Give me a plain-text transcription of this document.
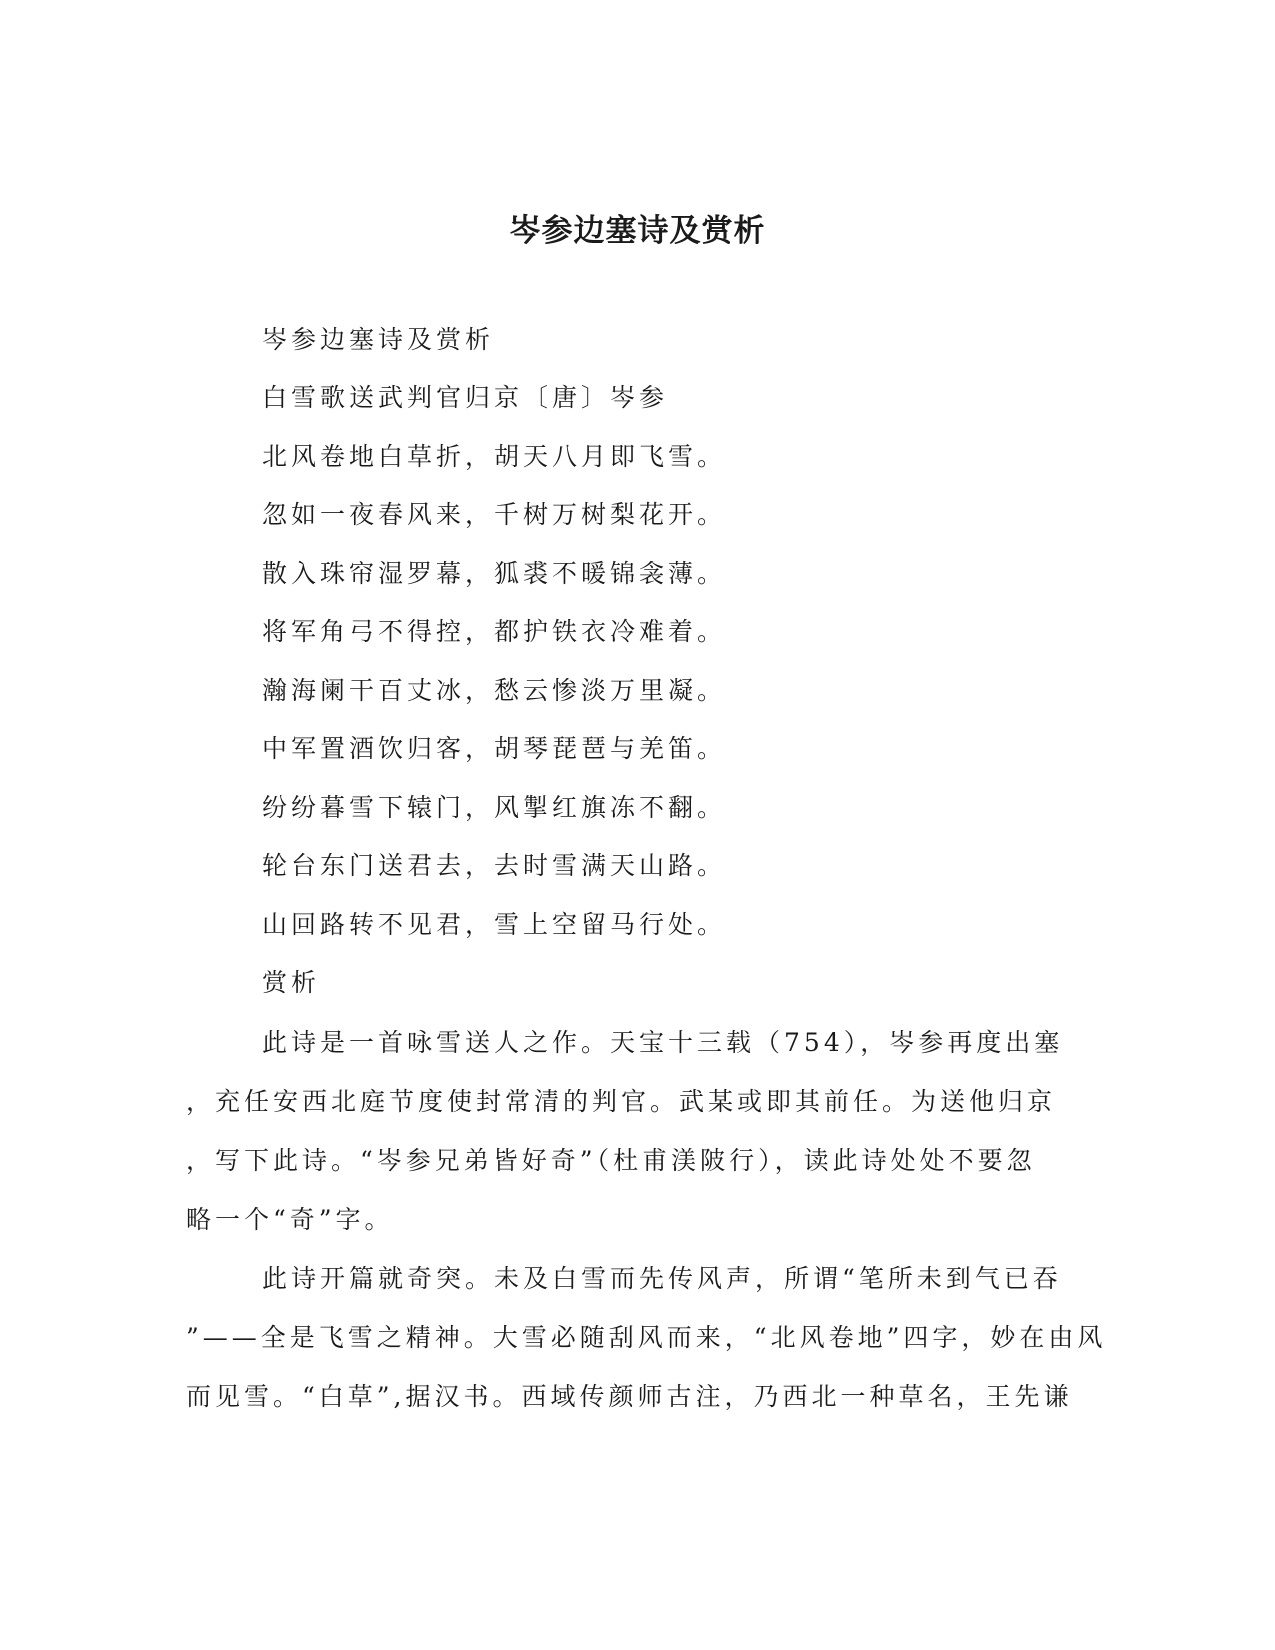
岑参边塞诗及赏析

岑参边塞诗及赏析

白雪歌送武判官归京〔唐〕岑参

北风卷地白草折，胡天八月即飞雪。

忽如一夜春风来，千树万树梨花开。

散入珠帘湿罗幕，狐裘不暖锦衾薄。

将军角弓不得控，都护铁衣冷难着。

瀚海阑干百丈冰，愁云惨淡万里凝。

中军置酒饮归客，胡琴琵琶与羌笛。

纷纷暮雪下辕门，风掣红旗冻不翻。

轮台东门送君去，去时雪满天山路。

山回路转不见君，雪上空留马行处。

赏析

此诗是一首咏雪送人之作。天宝十三载（754），岑参再度出塞

，充任安西北庭节度使封常清的判官。武某或即其前任。为送他归京

，写下此诗。“岑参兄弟皆好奇”（杜甫渼陂行），读此诗处处不要忽

略一个“奇”字。

此诗开篇就奇突。未及白雪而先传风声，所谓“笔所未到气已吞

”——全是飞雪之精神。大雪必随刮风而来，“北风卷地”四字，妙在由风

而见雪。“白草”,据汉书。西域传颜师古注，乃西北一种草名，王先谦
